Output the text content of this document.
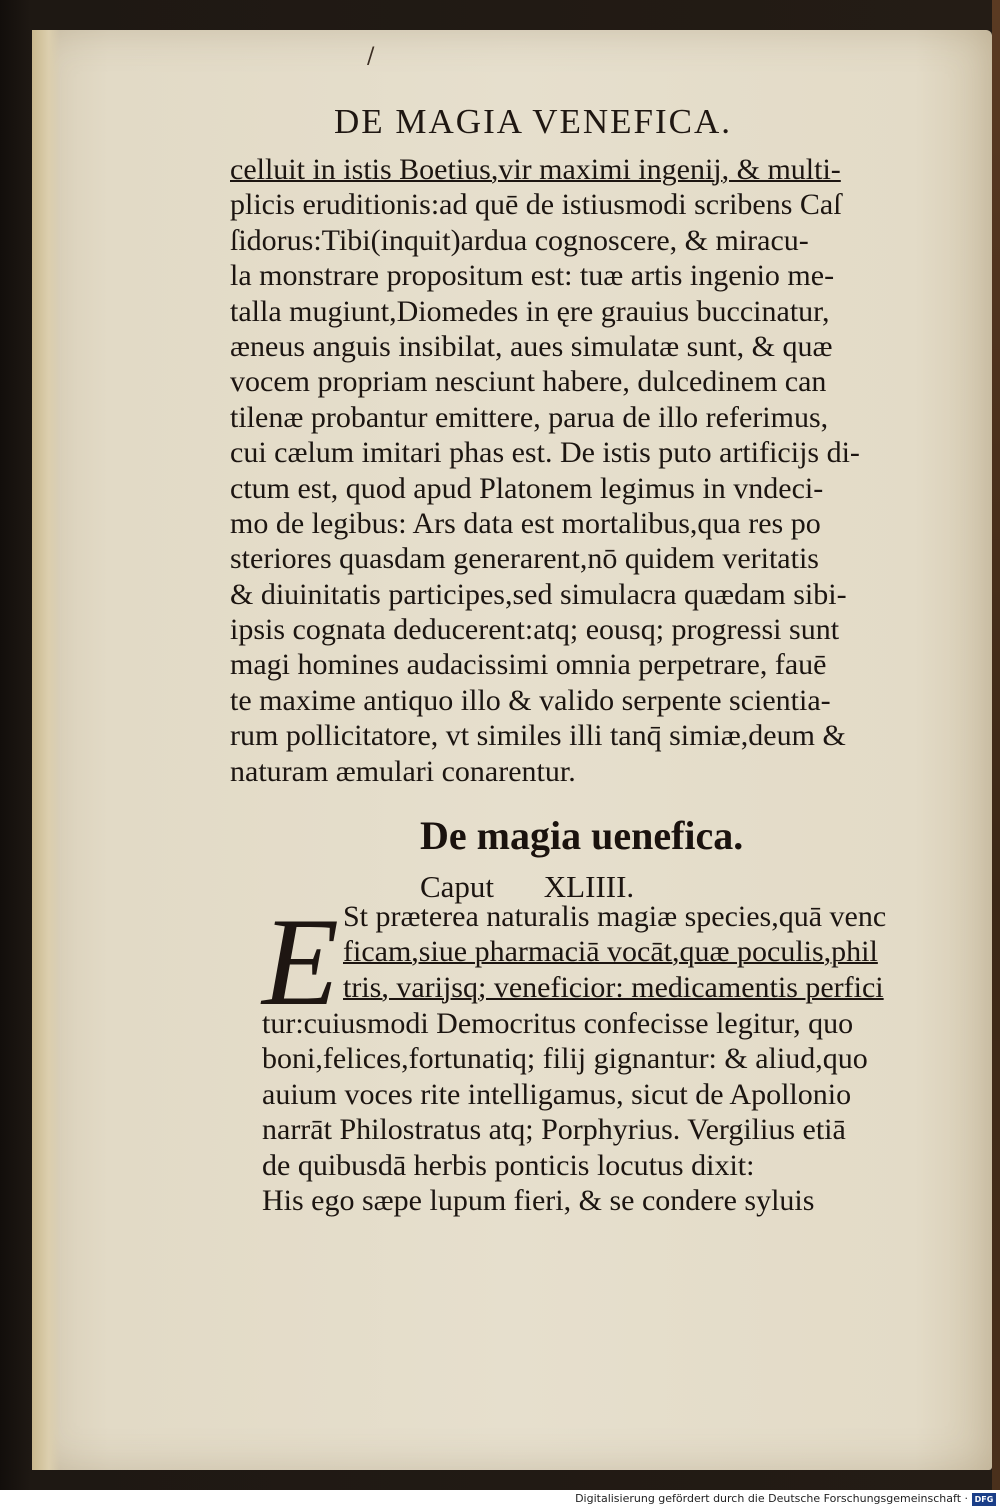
/
DE MAGIA VENEFICA.
celluit in istis Boetius,vir maximi ingenij, & multi-
plicis eruditionis:ad quē de istiusmodi scribens Caſ
ſidorus:Tibi(inquit)ardua cognoscere, & miracu-
la monstrare propositum est: tuæ artis ingenio me-
talla mugiunt,Diomedes in ęre grauius buccinatur,
æneus anguis insibilat, aues simulatæ sunt, & quæ
vocem propriam nesciunt habere, dulcedinem can
tilenæ probantur emittere, parua de illo referimus,
cui cælum imitari phas est. De istis puto artificijs di-
ctum est, quod apud Platonem legimus in vndeci-
mo de legibus: Ars data est mortalibus,qua res po
steriores quasdam generarent,nō quidem veritatis
& diuinitatis participes,sed simulacra quædam sibi-
ipsis cognata deducerent:atq; eousq; progressi sunt
magi homines audacissimi omnia perpetrare, fauē
te maxime antiquo illo & valido serpente scientia-
rum pollicitatore, vt similes illi tanq̄ simiæ,deum &
naturam æmulari conarentur.
De magia uenefica.
Caput XLIIII.
E St præterea naturalis magiæ species,quā venc
ficam,siue pharmaciā vocāt,quæ poculis,phil
tris, varijsq; veneficior: medicamentis perfici
tur:cuiusmodi Democritus confecisse legitur, quo
boni,felices,fortunatiq; filij gignantur: & aliud,quo
auium voces rite intelligamus, sicut de Apollonio
narrāt Philostratus atq; Porphyrius. Vergilius etiā
de quibusdā herbis ponticis locutus dixit:
His ego sæpe lupum fieri, & se condere syluis
Digitalisierung gefördert durch die Deutsche Forschungsgemeinschaft · DFG
